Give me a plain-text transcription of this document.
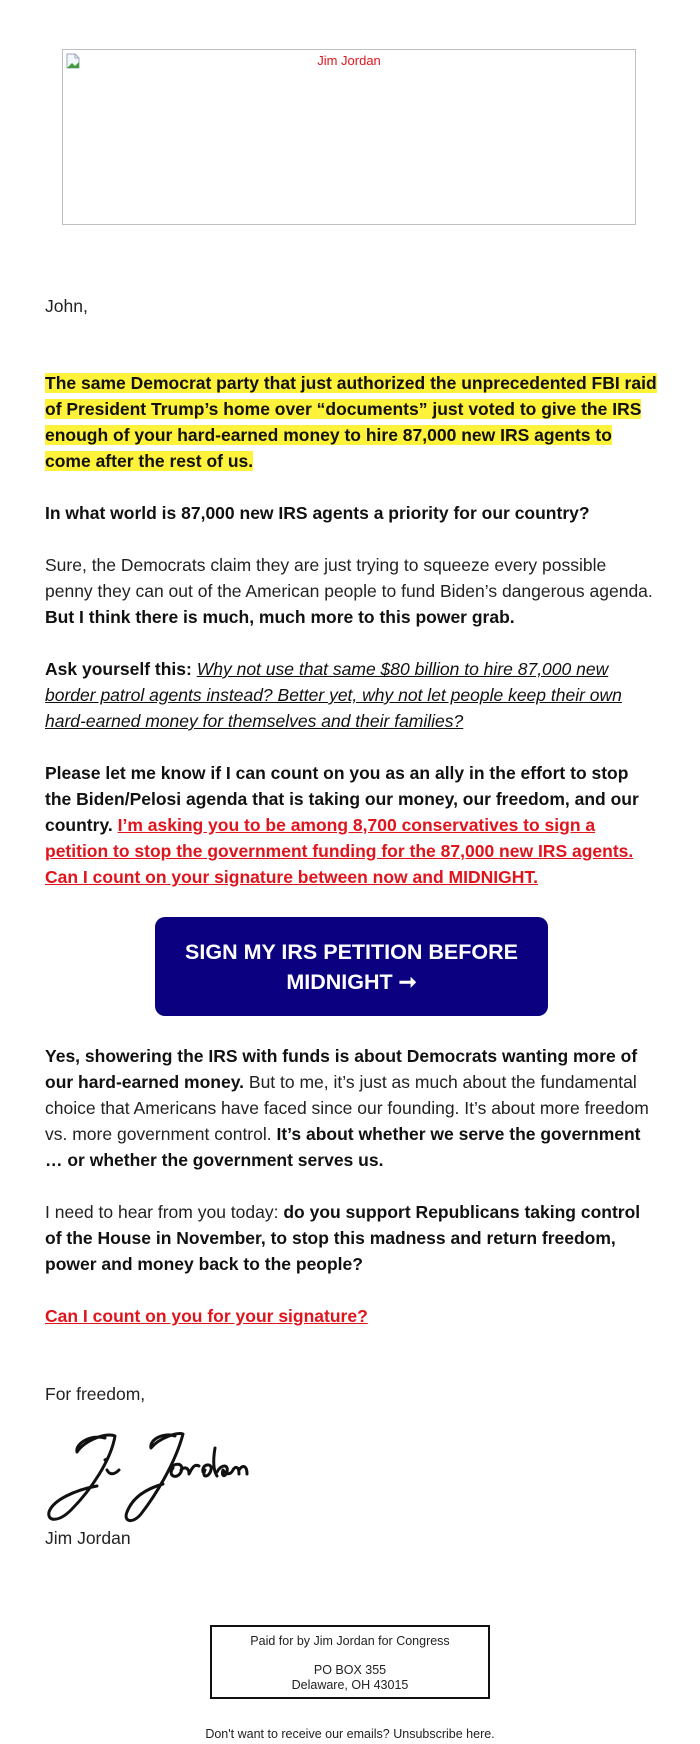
Jim Jordan

John,

The same Democrat party that just authorized the unprecedented FBI raid of President Trump’s home over “documents” just voted to give the IRS enough of your hard-earned money to hire 87,000 new IRS agents to come after the rest of us.

In what world is 87,000 new IRS agents a priority for our country?

Sure, the Democrats claim they are just trying to squeeze every possible penny they can out of the American people to fund Biden’s dangerous agenda. But I think there is much, much more to this power grab.

Ask yourself this: Why not use that same $80 billion to hire 87,000 new border patrol agents instead? Better yet, why not let people keep their own hard-earned money for themselves and their families?

Please let me know if I can count on you as an ally in the effort to stop the Biden/Pelosi agenda that is taking our money, our freedom, and our country. I’m asking you to be among 8,700 conservatives to sign a petition to stop the government funding for the 87,000 new IRS agents. Can I count on your signature between now and MIDNIGHT.

Yes, showering the IRS with funds is about Democrats wanting more of our hard-earned money. But to me, it’s just as much about the fundamental choice that Americans have faced since our founding. It’s about more freedom vs. more government control. It’s about whether we serve the government … or whether the government serves us.

I need to hear from you today: do you support Republicans taking control of the House in November, to stop this madness and return freedom, power and money back to the people?

Can I count on you for your signature?

For freedom,

Jim Jordan

SIGN MY IRS PETITION BEFORE MIDNIGHT ➞
Paid for by Jim Jordan for Congress
PO BOX 355
Delaware, OH 43015
Don't want to receive our emails? Unsubscribe here.
